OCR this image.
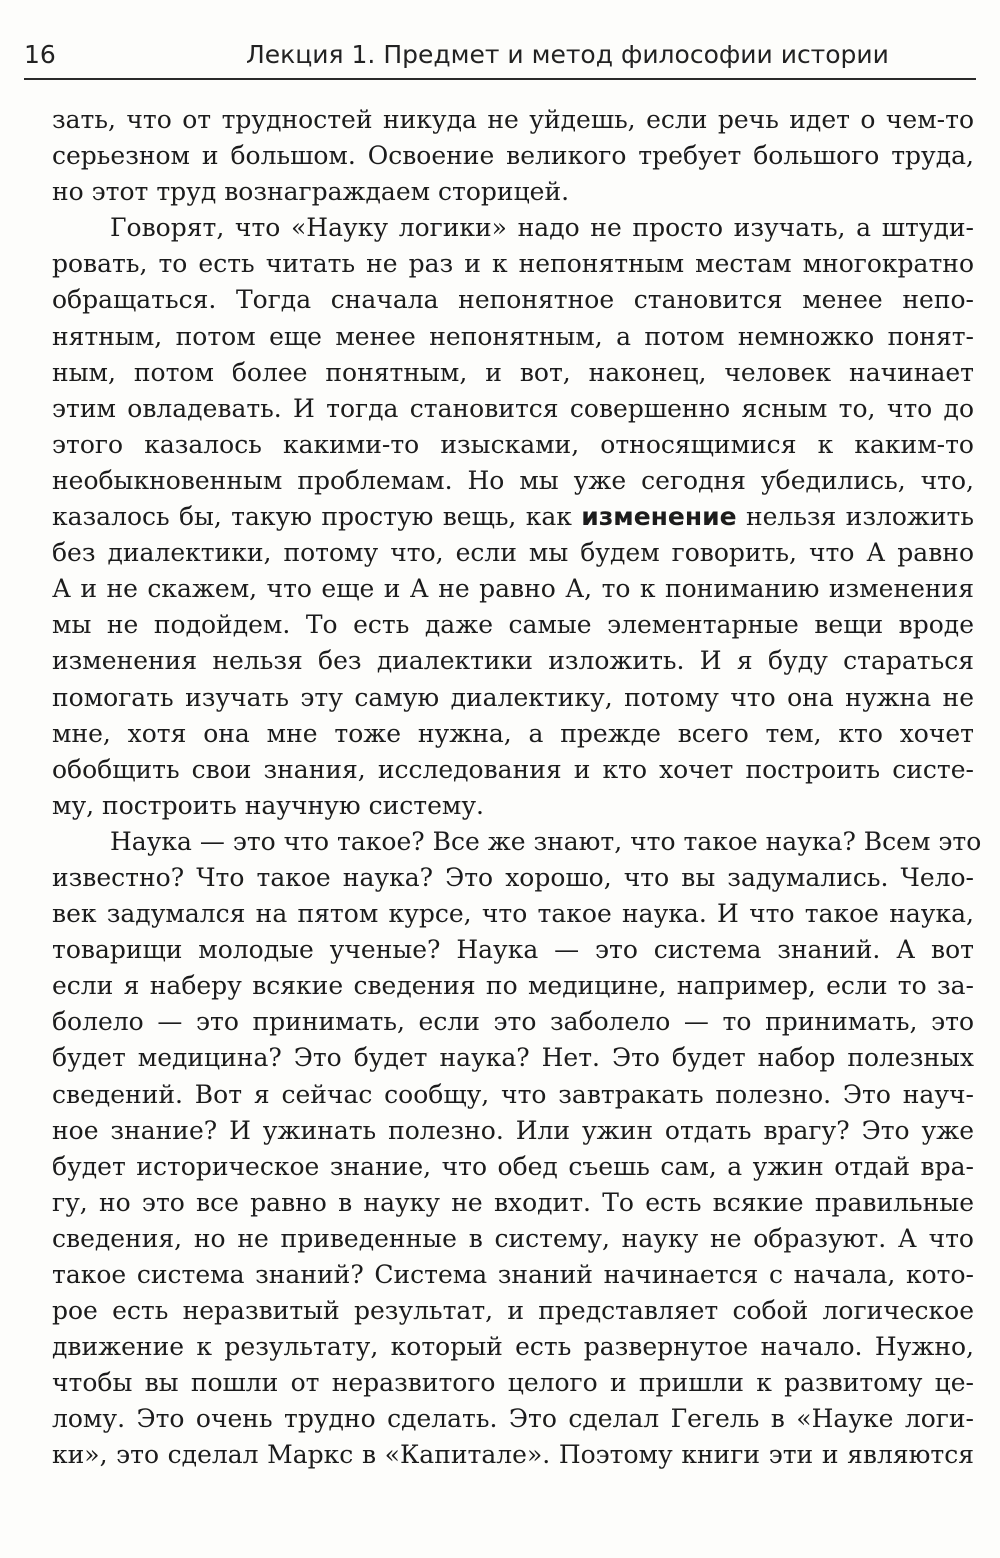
16	Лекция 1. Предмет и метод философии истории

зать, что от трудностей никуда не уйдешь, если речь идет о чем-то
серьезном и большом. Освоение великого требует большого труда,
но этот труд вознаграждаем сторицей.

Говорят, что «Науку логики» надо не просто изучать, а штуди-
ровать, то есть читать не раз и к непонятным местам многократно
обращаться. Тогда сначала непонятное становится менее непо-
нятным, потом еще менее непонятным, а потом немножко понят-
ным, потом более понятным, и вот, наконец, человек начинает
этим овладевать. И тогда становится совершенно ясным то, что до
этого казалось какими-то изысками, относящимися к каким-то
необыкновенным проблемам. Но мы уже сегодня убедились, что,
казалось бы, такую простую вещь, как изменение нельзя изложить
без диалектики, потому что, если мы будем говорить, что А равно
А и не скажем, что еще и А не равно А, то к пониманию изменения
мы не подойдем. То есть даже самые элементарные вещи вроде
изменения нельзя без диалектики изложить. И я буду стараться
помогать изучать эту самую диалектику, потому что она нужна не
мне, хотя она мне тоже нужна, а прежде всего тем, кто хочет
обобщить свои знания, исследования и кто хочет построить систе-
му, построить научную систему.

Наука — это что такое? Все же знают, что такое наука? Всем это
известно? Что такое наука? Это хорошо, что вы задумались. Чело-
век задумался на пятом курсе, что такое наука. И что такое наука,
товарищи молодые ученые? Наука — это система знаний. А вот
если я наберу всякие сведения по медицине, например, если то за-
болело — это принимать, если это заболело — то принимать, это
будет медицина? Это будет наука? Нет. Это будет набор полезных
сведений. Вот я сейчас сообщу, что завтракать полезно. Это науч-
ное знание? И ужинать полезно. Или ужин отдать врагу? Это уже
будет историческое знание, что обед съешь сам, а ужин отдай вра-
гу, но это все равно в науку не входит. То есть всякие правильные
сведения, но не приведенные в систему, науку не образуют. А что
такое система знаний? Система знаний начинается с начала, кото-
рое есть неразвитый результат, и представляет собой логическое
движение к результату, который есть развернутое начало. Нужно,
чтобы вы пошли от неразвитого целого и пришли к развитому це-
лому. Это очень трудно сделать. Это сделал Гегель в «Науке логи-
ки», это сделал Маркс в «Капитале». Поэтому книги эти и являются
